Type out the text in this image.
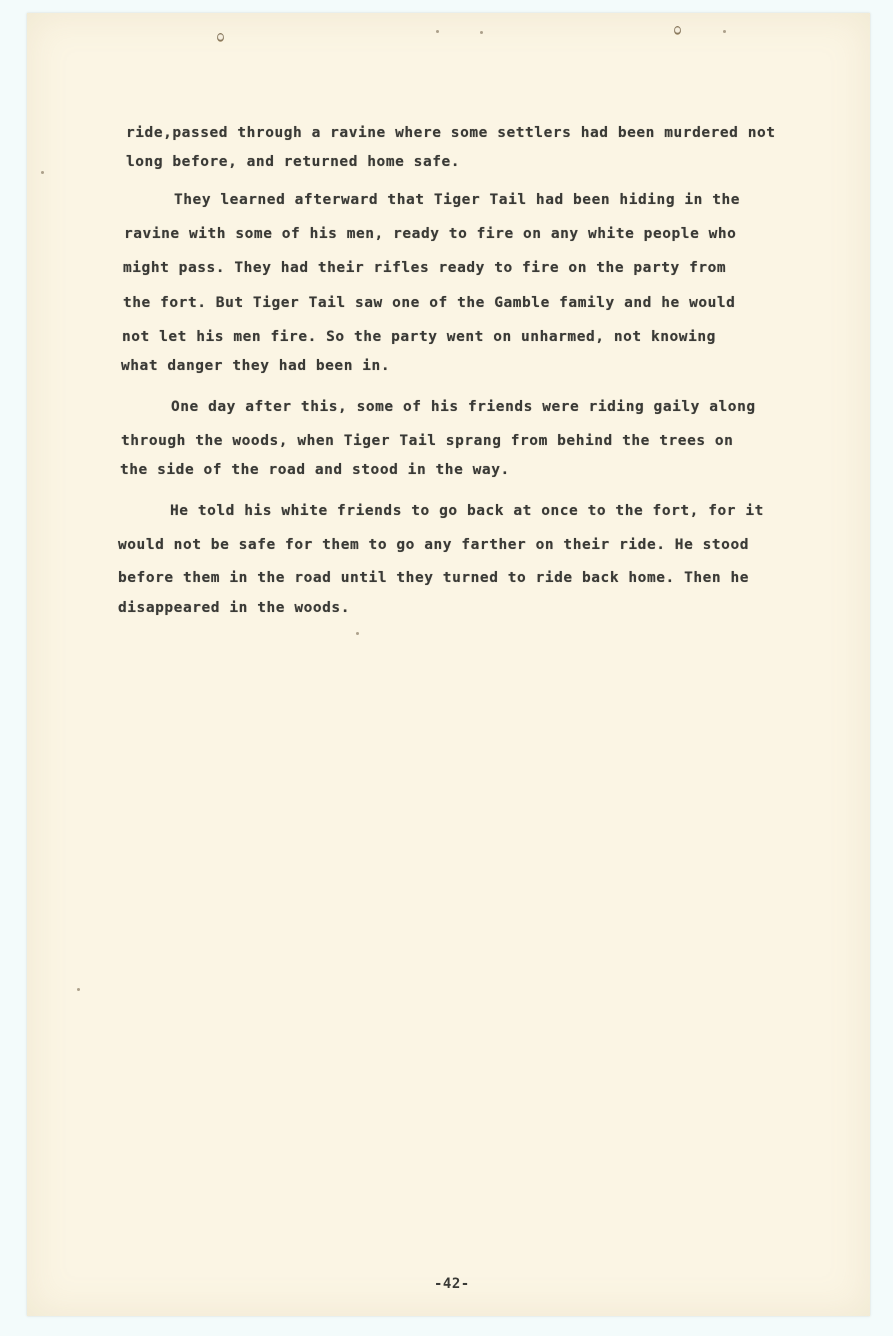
ride,passed through a ravine where some settlers had been murdered not

long before, and returned home safe.

They learned afterward that Tiger Tail had been hiding in the

ravine with some of his men, ready to fire on any white people who

might pass. They had their rifles ready to fire on the party from

the fort. But Tiger Tail saw one of the Gamble family and he would

not let his men fire. So the party went on unharmed, not knowing

what danger they had been in.

One day after this, some of his friends were riding gaily along

through the woods, when Tiger Tail sprang from behind the trees on

the side of the road and stood in the way.

He told his white friends to go back at once to the fort, for it

would not be safe for them to go any farther on their ride. He stood

before them in the road until they turned to ride back home. Then he

disappeared in the woods.

-42-
